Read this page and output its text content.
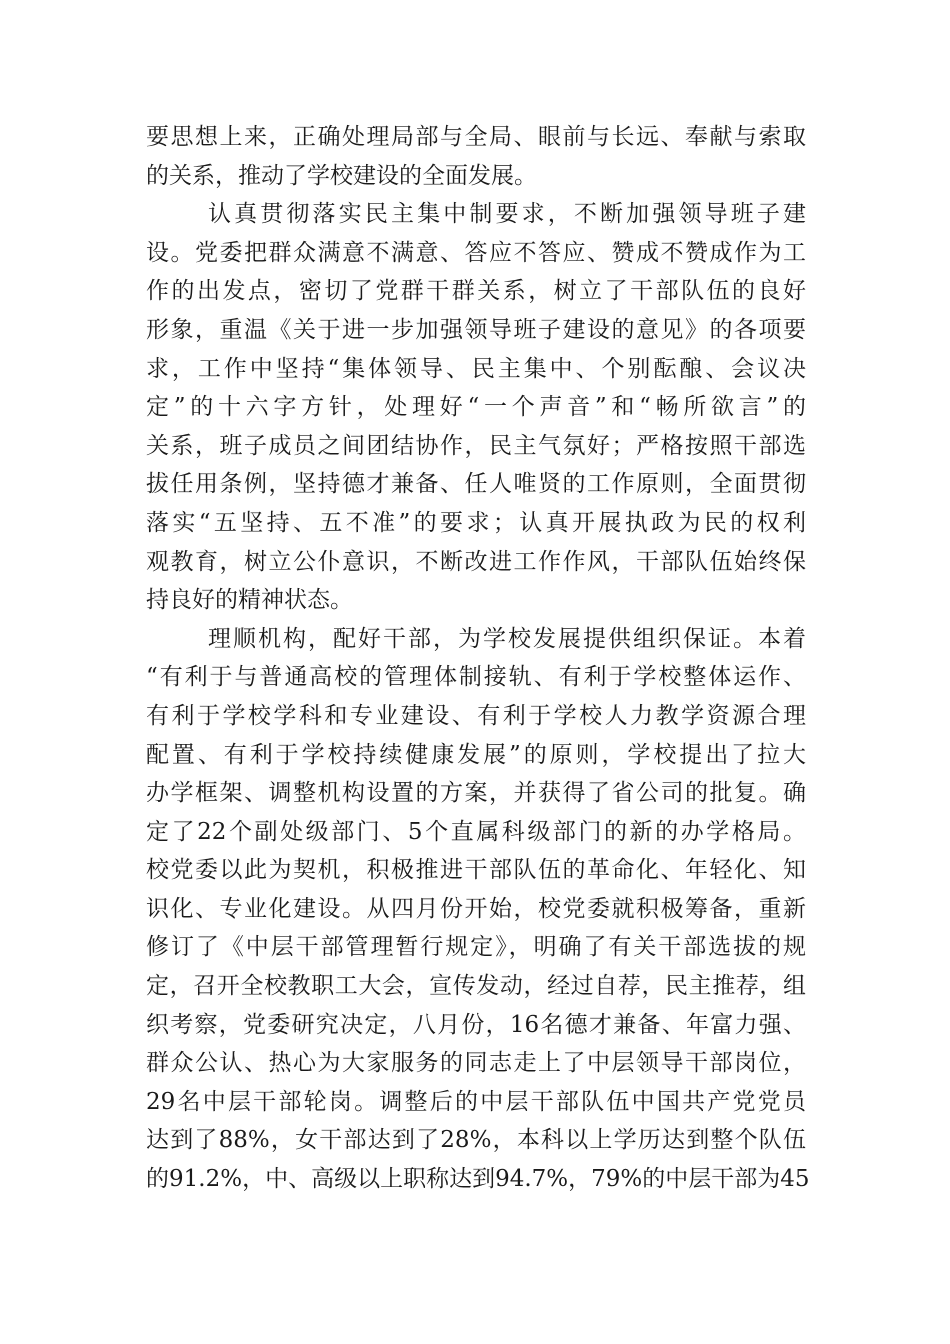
要思想上来，正确处理局部与全局、眼前与长远、奉献与索取
的关系，推动了学校建设的全面发展。
认真贯彻落实民主集中制要求，不断加强领导班子建
设。党委把群众满意不满意、答应不答应、赞成不赞成作为工
作的出发点，密切了党群干群关系，树立了干部队伍的良好
形象，重温《关于进一步加强领导班子建设的意见》的各项要
求，工作中坚持“集体领导、民主集中、个别酝酿、会议决
定”的十六字方针，处理好“一个声音”和“畅所欲言”的
关系，班子成员之间团结协作，民主气氛好；严格按照干部选
拔任用条例，坚持德才兼备、任人唯贤的工作原则，全面贯彻
落实“五坚持、五不准”的要求；认真开展执政为民的权利
观教育，树立公仆意识，不断改进工作作风，干部队伍始终保
持良好的精神状态。
理顺机构，配好干部，为学校发展提供组织保证。本着
“有利于与普通高校的管理体制接轨、有利于学校整体运作、
有利于学校学科和专业建设、有利于学校人力教学资源合理
配置、有利于学校持续健康发展”的原则，学校提出了拉大
办学框架、调整机构设置的方案，并获得了省公司的批复。确
定了22个副处级部门、5个直属科级部门的新的办学格局。
校党委以此为契机，积极推进干部队伍的革命化、年轻化、知
识化、专业化建设。从四月份开始，校党委就积极筹备，重新
修订了《中层干部管理暂行规定》，明确了有关干部选拔的规
定，召开全校教职工大会，宣传发动，经过自荐，民主推荐，组
织考察，党委研究决定，八月份，16名德才兼备、年富力强、
群众公认、热心为大家服务的同志走上了中层领导干部岗位，
29名中层干部轮岗。调整后的中层干部队伍中国共产党党员
达到了88%，女干部达到了28%，本科以上学历达到整个队伍
的91.2%，中、高级以上职称达到94.7%，79%的中层干部为45
